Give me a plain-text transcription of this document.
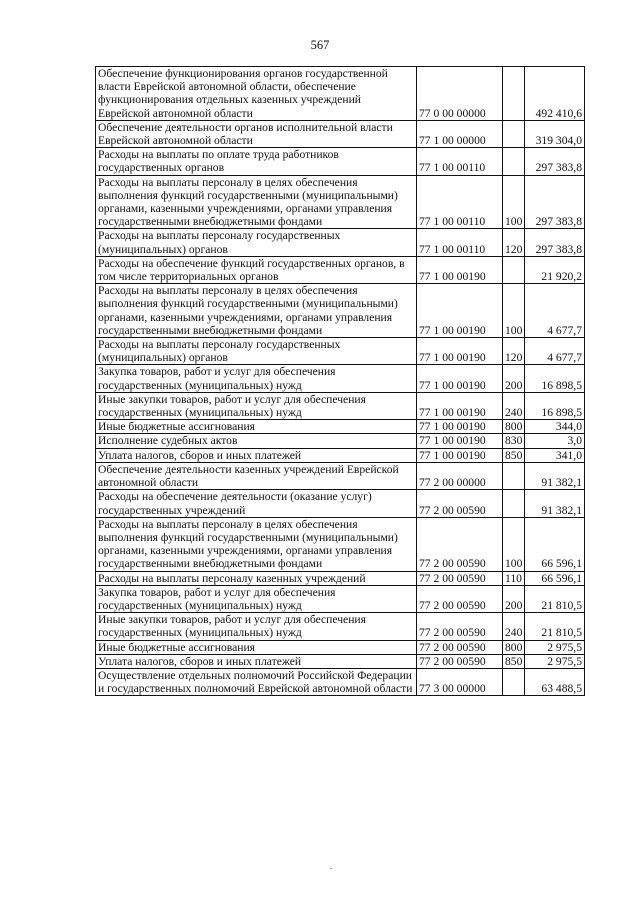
567
Обеспечение функционирования органов государственной власти Еврейской автономной области, обеспечение функционирования отдельных казенных учреждений Еврейской автономной области	77 0 00 00000		492 410,6
Обеспечение деятельности органов исполнительной власти Еврейской автономной области	77 1 00 00000		319 304,0
Расходы на выплаты по оплате труда работников государственных органов	77 1 00 00110		297 383,8
Расходы на выплаты персоналу в целях обеспечения выполнения функций государственными (муниципальными) органами, казенными учреждениями, органами управления государственными внебюджетными фондами	77 1 00 00110	100	297 383,8
Расходы на выплаты персоналу государственных (муниципальных) органов	77 1 00 00110	120	297 383,8
Расходы на обеспечение функций государственных органов, в том числе территориальных органов	77 1 00 00190		21 920,2
Расходы на выплаты персоналу в целях обеспечения выполнения функций государственными (муниципальными) органами, казенными учреждениями, органами управления государственными внебюджетными фондами	77 1 00 00190	100	4 677,7
Расходы на выплаты персоналу государственных (муниципальных) органов	77 1 00 00190	120	4 677,7
Закупка товаров, работ и услуг для обеспечения государственных (муниципальных) нужд	77 1 00 00190	200	16 898,5
Иные закупки товаров, работ и услуг для обеспечения государственных (муниципальных) нужд	77 1 00 00190	240	16 898,5
Иные бюджетные ассигнования	77 1 00 00190	800	344,0
Исполнение судебных актов	77 1 00 00190	830	3,0
Уплата налогов, сборов и иных платежей	77 1 00 00190	850	341,0
Обеспечение деятельности казенных учреждений Еврейской автономной области	77 2 00 00000		91 382,1
Расходы на обеспечение деятельности (оказание услуг) государственных учреждений	77 2 00 00590		91 382,1
Расходы на выплаты персоналу в целях обеспечения выполнения функций государственными (муниципальными) органами, казенными учреждениями, органами управления государственными внебюджетными фондами	77 2 00 00590	100	66 596,1
Расходы на выплаты персоналу казенных учреждений	77 2 00 00590	110	66 596,1
Закупка товаров, работ и услуг для обеспечения государственных (муниципальных) нужд	77 2 00 00590	200	21 810,5
Иные закупки товаров, работ и услуг для обеспечения государственных (муниципальных) нужд	77 2 00 00590	240	21 810,5
Иные бюджетные ассигнования	77 2 00 00590	800	2 975,5
Уплата налогов, сборов и иных платежей	77 2 00 00590	850	2 975,5
Осуществление отдельных полномочий Российской Федерации и государственных полномочий Еврейской автономной области	77 3 00 00000		63 488,5
